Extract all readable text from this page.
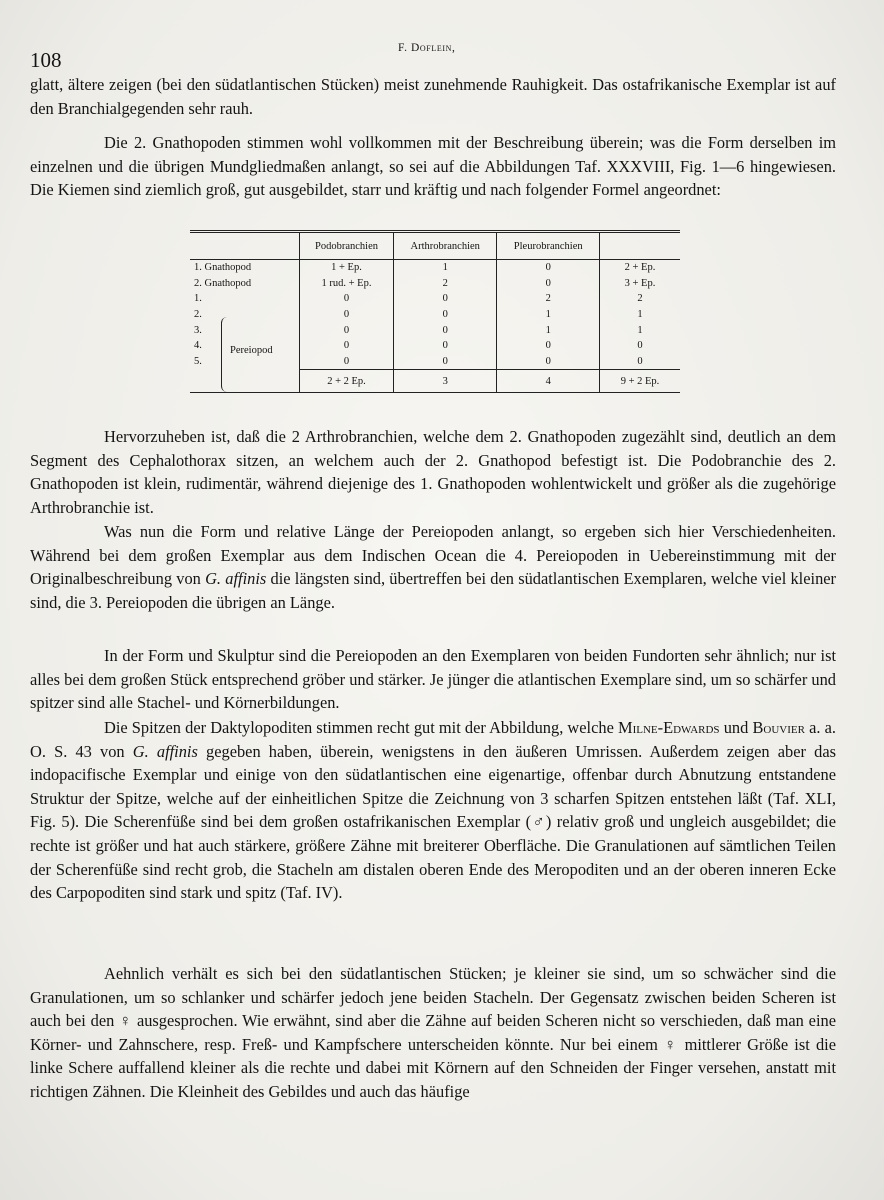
108	F. Doflein,

glatt, ältere zeigen (bei den südatlantischen Stücken) meist zunehmende Rauhigkeit. Das ostafrikanische Exemplar ist auf den Branchialgegenden sehr rauh.

Die 2. Gnathopoden stimmen wohl vollkommen mit der Beschreibung überein; was die Form derselben im einzelnen und die übrigen Mundgliedmaßen anlangt, so sei auf die Abbildungen Taf. XXXVIII, Fig. 1—6 hingewiesen. Die Kiemen sind ziemlich groß, gut ausgebildet, starr und kräftig und nach folgender Formel angeordnet:

	Podobranchien	Arthrobranchien	Pleurobranchien	
1. Gnathopod	1 + Ep.	1	0	2 + Ep.
2. Gnathopod	1 rud. + Ep.	2	0	3 + Ep.
1.	0	0	2	2
2.	0	0	1	1
3.	0	0	1	1
4.	0	0	0	0
5.	0	0	0	0
	2 + 2 Ep.	3	4	9 + 2 Ep.
Pereiopod

Hervorzuheben ist, daß die 2 Arthrobranchien, welche dem 2. Gnathopoden zugezählt sind, deutlich an dem Segment des Cephalothorax sitzen, an welchem auch der 2. Gnathopod befestigt ist. Die Podobranchie des 2. Gnathopoden ist klein, rudimentär, während diejenige des 1. Gnathopoden wohlentwickelt und größer als die zugehörige Arthrobranchie ist.

Was nun die Form und relative Länge der Pereiopoden anlangt, so ergeben sich hier Verschiedenheiten. Während bei dem großen Exemplar aus dem Indischen Ocean die 4. Pereiopoden in Uebereinstimmung mit der Originalbeschreibung von G. affinis die längsten sind, übertreffen bei den südatlantischen Exemplaren, welche viel kleiner sind, die 3. Pereiopoden die übrigen an Länge.

In der Form und Skulptur sind die Pereiopoden an den Exemplaren von beiden Fundorten sehr ähnlich; nur ist alles bei dem großen Stück entsprechend gröber und stärker. Je jünger die atlantischen Exemplare sind, um so schärfer und spitzer sind alle Stachel- und Körnerbildungen.

Die Spitzen der Daktylopoditen stimmen recht gut mit der Abbildung, welche Milne-Edwards und Bouvier a. a. O. S. 43 von G. affinis gegeben haben, überein, wenigstens in den äußeren Umrissen. Außerdem zeigen aber das indopacifische Exemplar und einige von den südatlantischen eine eigenartige, offenbar durch Abnutzung entstandene Struktur der Spitze, welche auf der einheitlichen Spitze die Zeichnung von 3 scharfen Spitzen entstehen läßt (Taf. XLI, Fig. 5). Die Scherenfüße sind bei dem großen ostafrikanischen Exemplar (♂) relativ groß und ungleich ausgebildet; die rechte ist größer und hat auch stärkere, größere Zähne mit breiterer Oberfläche. Die Granulationen auf sämtlichen Teilen der Scherenfüße sind recht grob, die Stacheln am distalen oberen Ende des Meropoditen und an der oberen inneren Ecke des Carpopoditen sind stark und spitz (Taf. IV).

Aehnlich verhält es sich bei den südatlantischen Stücken; je kleiner sie sind, um so schwächer sind die Granulationen, um so schlanker und schärfer jedoch jene beiden Stacheln. Der Gegensatz zwischen beiden Scheren ist auch bei den ♀ ausgesprochen. Wie erwähnt, sind aber die Zähne auf beiden Scheren nicht so verschieden, daß man eine Körner- und Zahnschere, resp. Freß- und Kampfschere unterscheiden könnte. Nur bei einem ♀ mittlerer Größe ist die linke Schere auffallend kleiner als die rechte und dabei mit Körnern auf den Schneiden der Finger versehen, anstatt mit richtigen Zähnen. Die Kleinheit des Gebildes und auch das häufige
